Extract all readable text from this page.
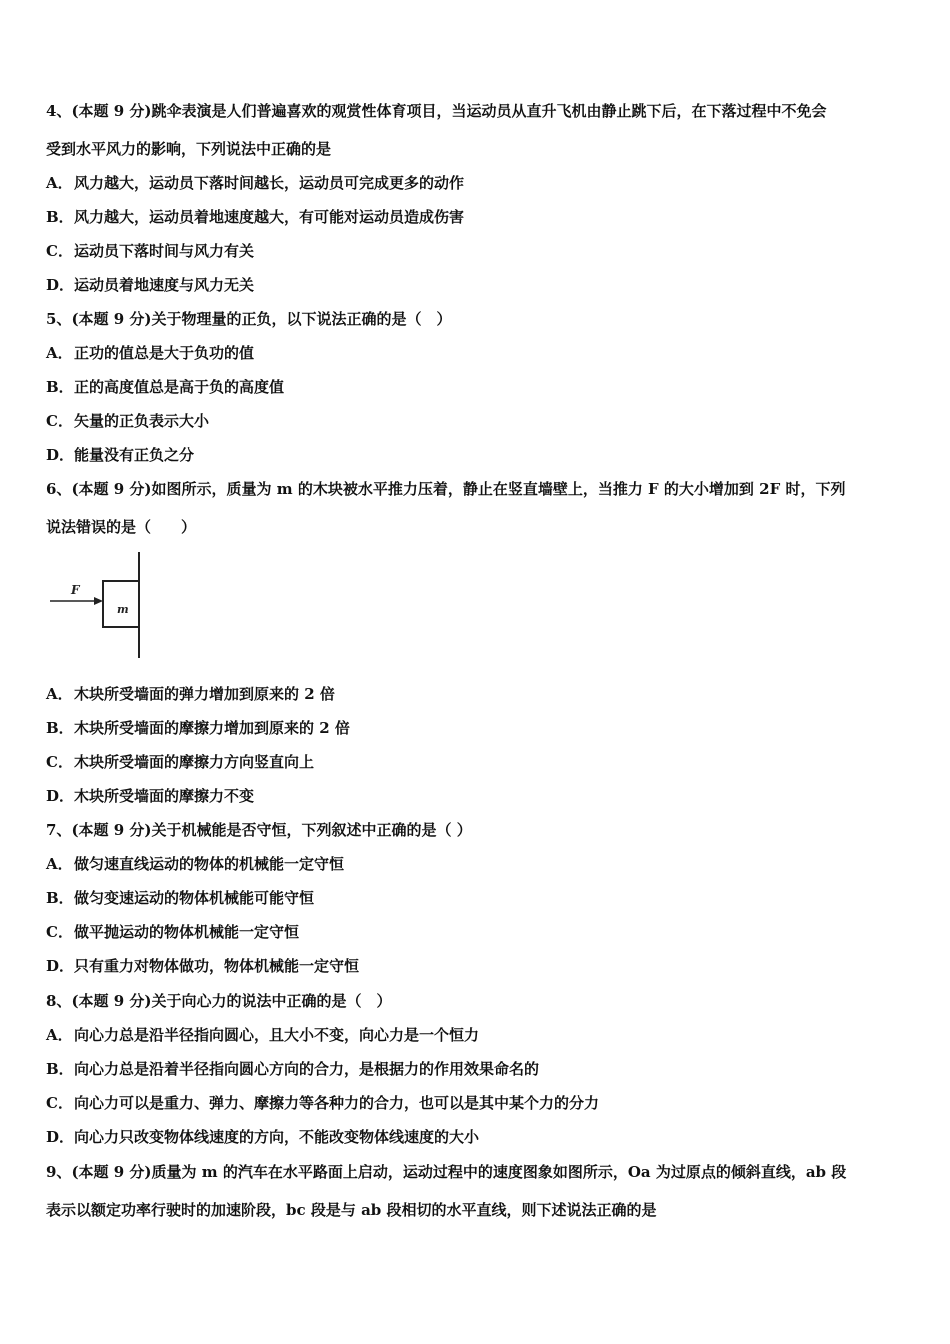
4、(本题 9 分)跳伞表演是人们普遍喜欢的观赏性体育项目，当运动员从直升飞机由静止跳下后，在下落过程中不免会
受到水平风力的影响，下列说法中正确的是
A．风力越大，运动员下落时间越长，运动员可完成更多的动作
B．风力越大，运动员着地速度越大，有可能对运动员造成伤害
C．运动员下落时间与风力有关
D．运动员着地速度与风力无关
5、(本题 9 分)关于物理量的正负，以下说法正确的是（　）
A．正功的值总是大于负功的值
B．正的高度值总是高于负的高度值
C．矢量的正负表示大小
D．能量没有正负之分
6、(本题 9 分)如图所示，质量为 m 的木块被水平推力压着，静止在竖直墙壁上，当推力 F 的大小增加到 2F 时，下列
说法错误的是（　　）
F
m
A．木块所受墙面的弹力增加到原来的 2 倍
B．木块所受墙面的摩擦力增加到原来的 2 倍
C．木块所受墙面的摩擦力方向竖直向上
D．木块所受墙面的摩擦力不变
7、(本题 9 分)关于机械能是否守恒，下列叙述中正确的是（ ）
A．做匀速直线运动的物体的机械能一定守恒
B．做匀变速运动的物体机械能可能守恒
C．做平抛运动的物体机械能一定守恒
D．只有重力对物体做功，物体机械能一定守恒
8、(本题 9 分)关于向心力的说法中正确的是（　）
A．向心力总是沿半径指向圆心，且大小不变，向心力是一个恒力
B．向心力总是沿着半径指向圆心方向的合力，是根据力的作用效果命名的
C．向心力可以是重力、弹力、摩擦力等各种力的合力，也可以是其中某个力的分力
D．向心力只改变物体线速度的方向，不能改变物体线速度的大小
9、(本题 9 分)质量为 m 的汽车在水平路面上启动，运动过程中的速度图象如图所示，Oa 为过原点的倾斜直线，ab 段
表示以额定功率行驶时的加速阶段，bc 段是与 ab 段相切的水平直线，则下述说法正确的是
